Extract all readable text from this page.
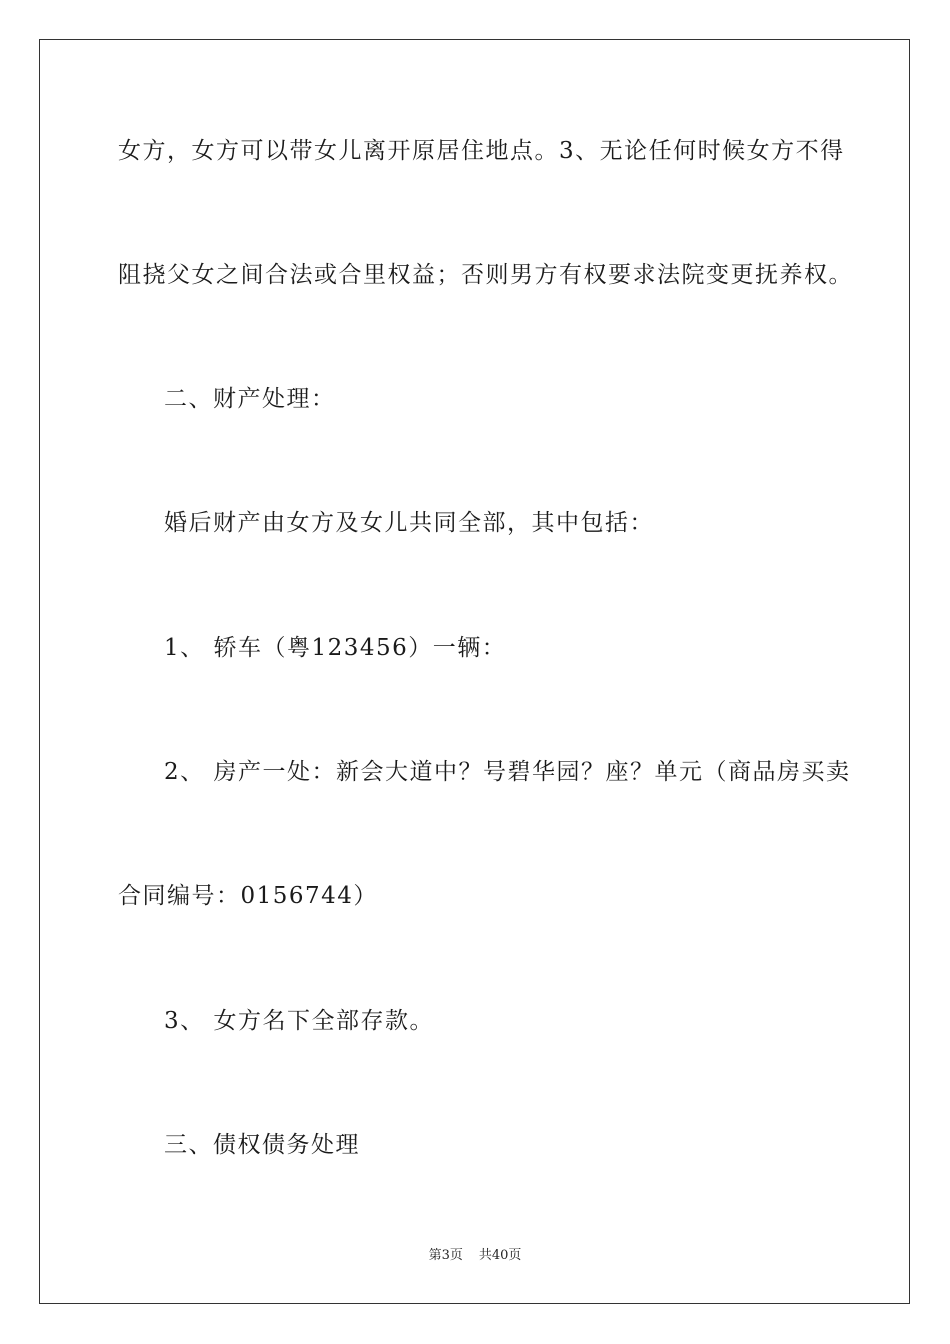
女方，女方可以带女儿离开原居住地点。3、无论任何时候女方不得
阻挠父女之间合法或合里权益；否则男方有权要求法院变更抚养权。
二、财产处理：
婚后财产由女方及女儿共同全部，其中包括：
1、 轿车（粤123456）一辆：
2、 房产一处：新会大道中？号碧华园？座？单元（商品房买卖
合同编号：0156744）
3、 女方名下全部存款。
三、债权债务处理
第3页 共40页
